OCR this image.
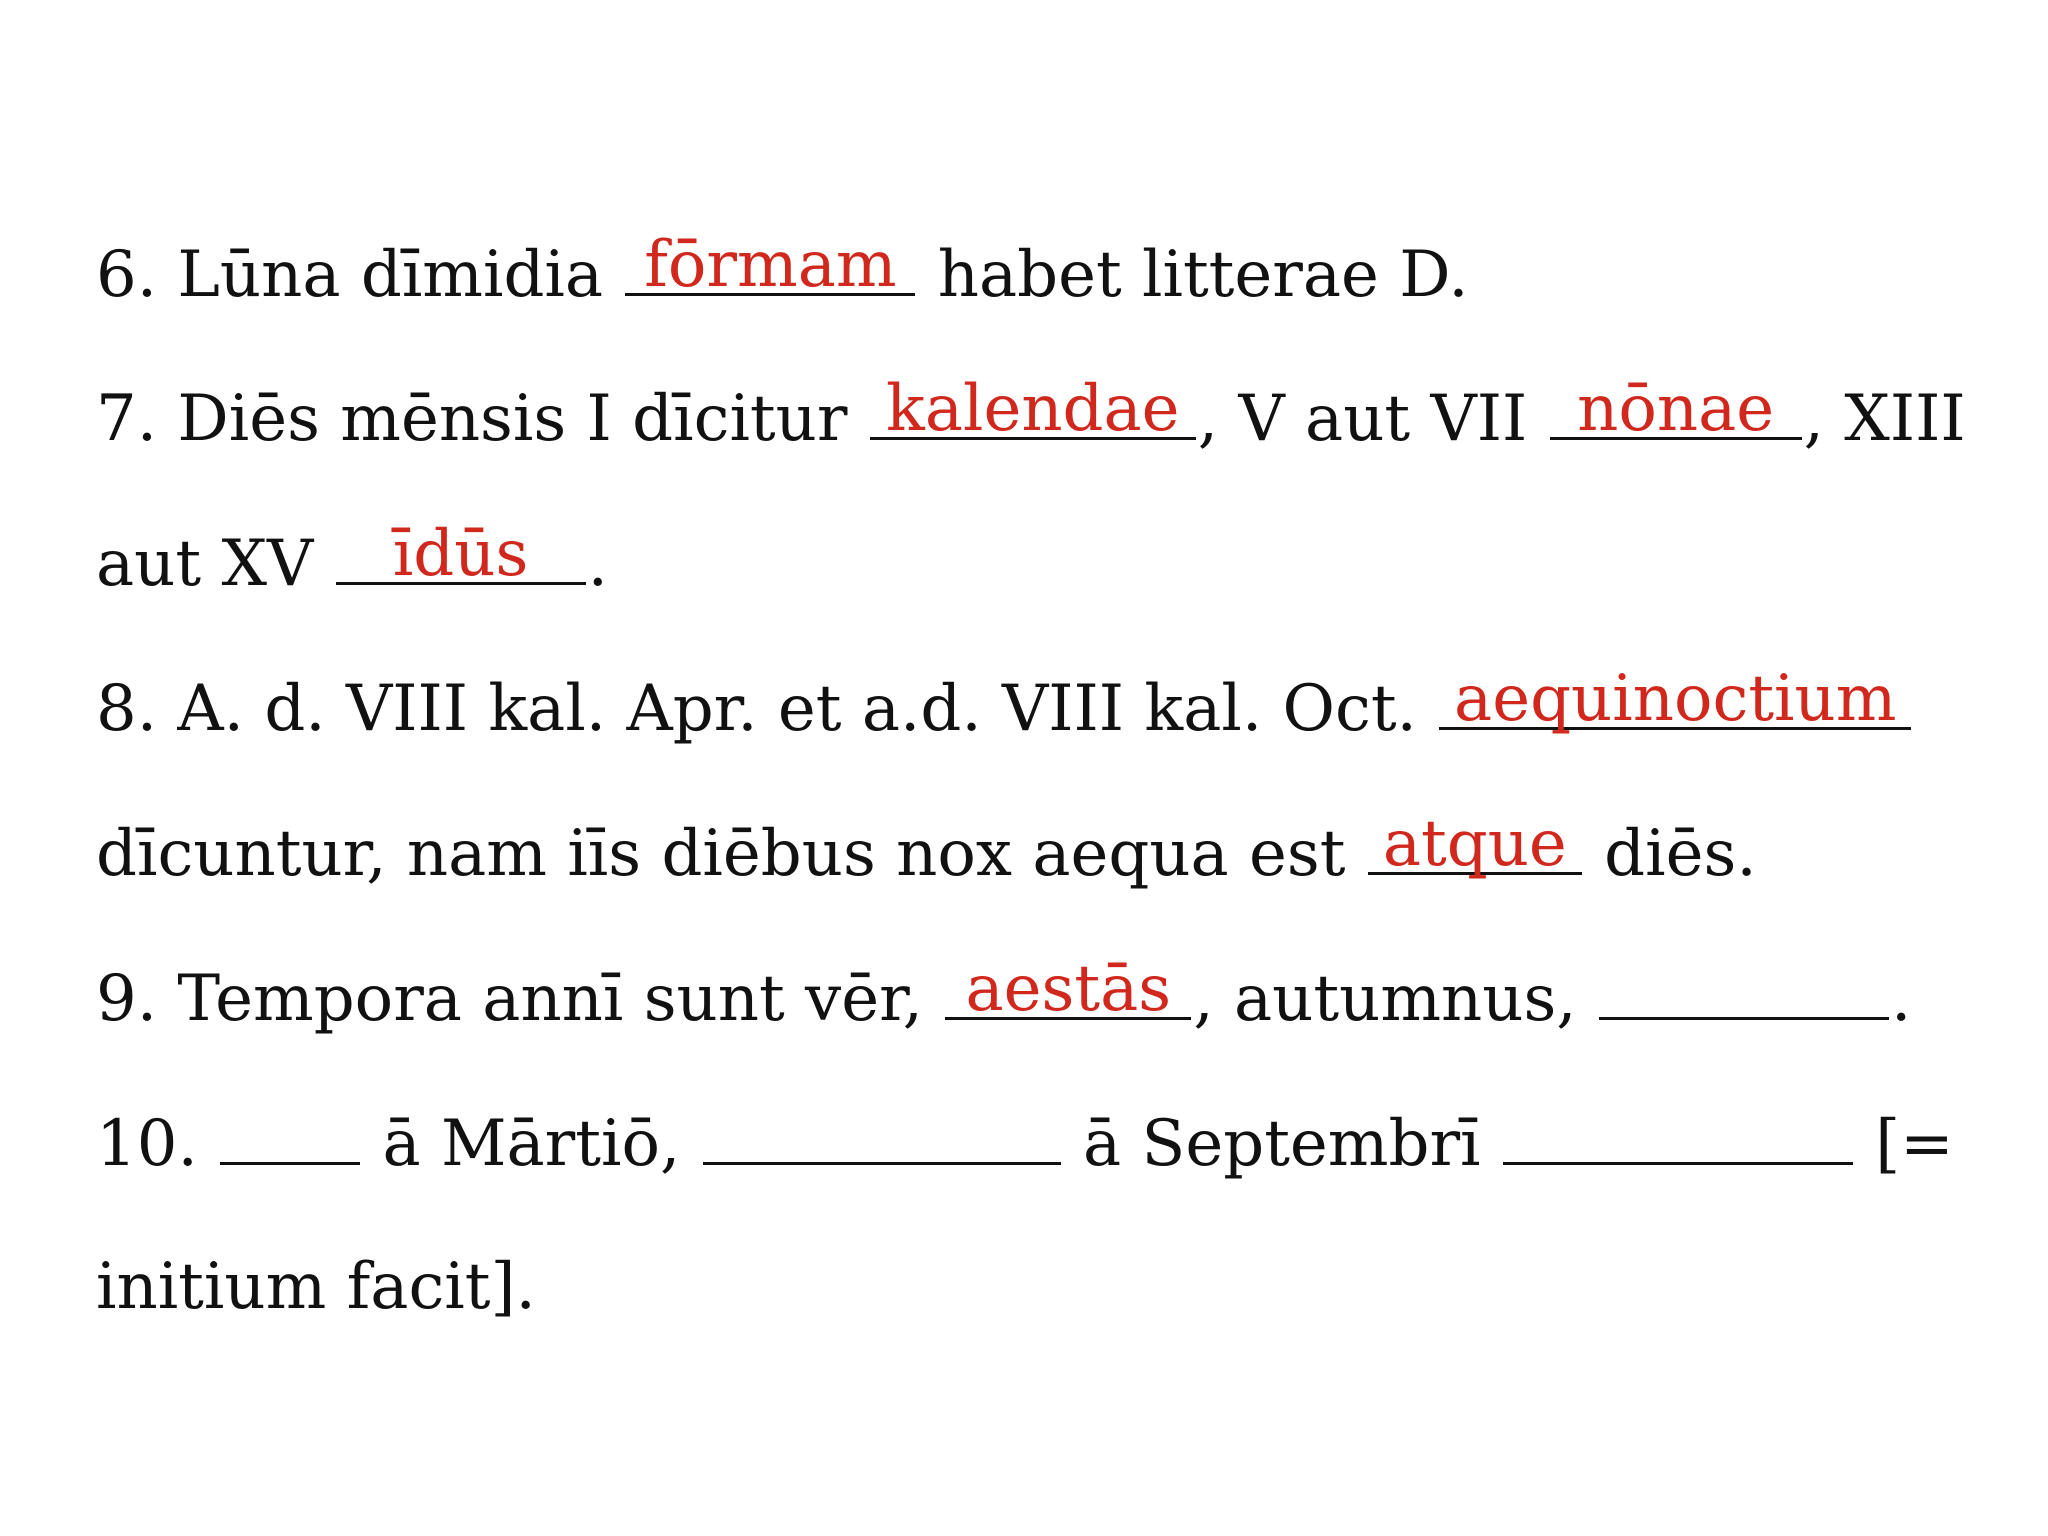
6. Lūna dīmidia fōrmam habet litterae D.
7. Diēs mēnsis I dīcitur kalendae , V aut VII nōnae , XIII
aut XV īdūs .
8. A. d. VIII kal. Apr. et a.d. VIII kal. Oct. aequinoctium
dīcuntur, nam iīs diēbus nox aequa est atque diēs.
9. Tempora annī sunt vēr, aestās , autumnus,	.
10.
ā Mārtiō,	ā Septembrī	[=
initium facit].
